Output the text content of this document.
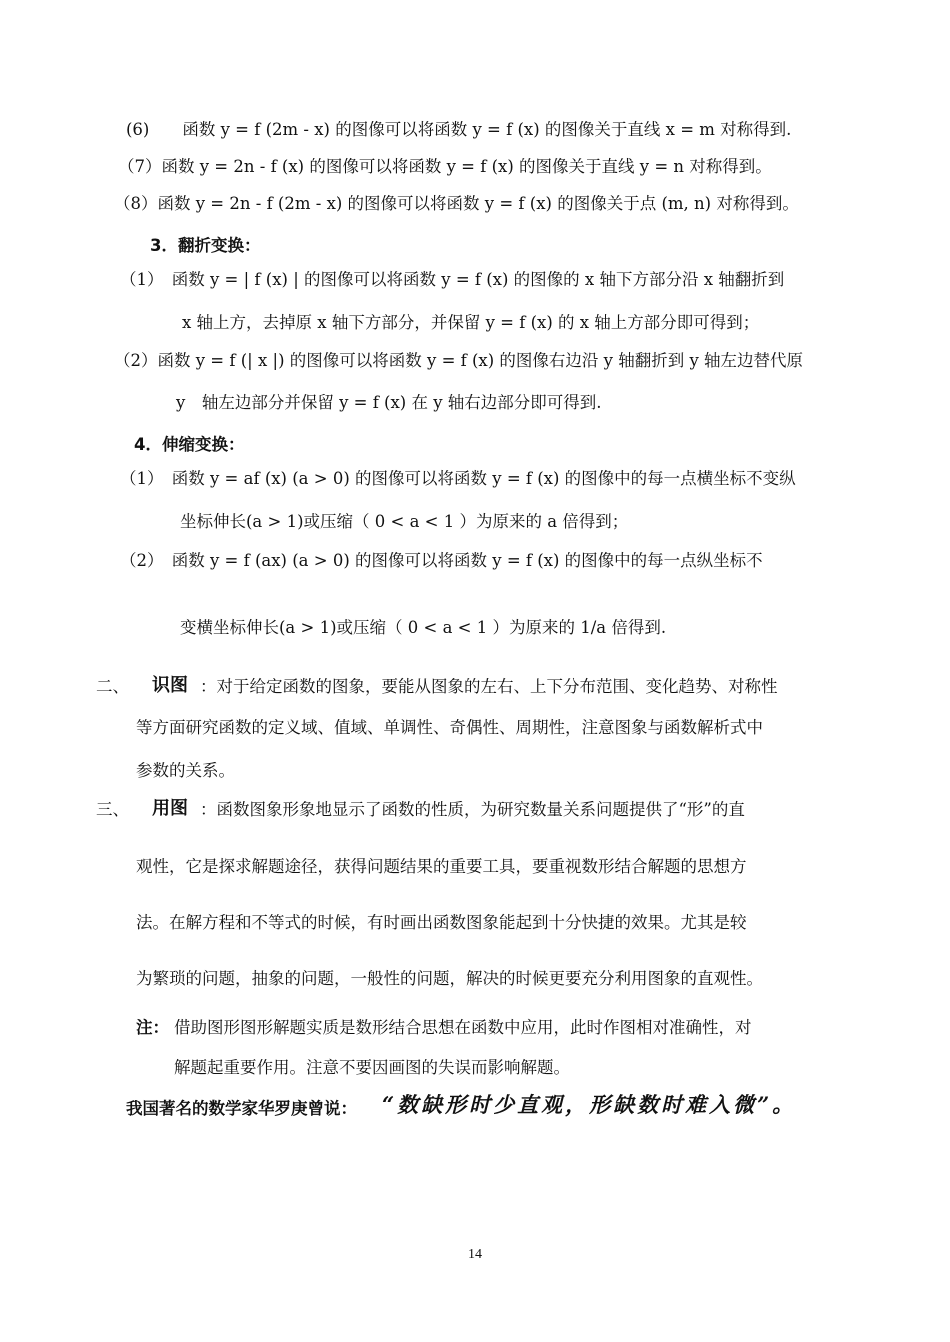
(6)　　函数 y = f (2m - x) 的图像可以将函数 y = f (x) 的图像关于直线 x = m 对称得到.
（7）函数 y = 2n - f (x) 的图像可以将函数 y = f (x) 的图像关于直线 y = n 对称得到。
（8）函数 y = 2n - f (2m - x) 的图像可以将函数 y = f (x) 的图像关于点 (m, n) 对称得到。
3．翻折变换：
（1）　函数 y = | f (x) | 的图像可以将函数 y = f (x) 的图像的 x 轴下方部分沿 x 轴翻折到
x 轴上方，去掉原 x 轴下方部分，并保留 y = f (x) 的 x 轴上方部分即可得到；
（2）函数 y = f (| x |) 的图像可以将函数 y = f (x) 的图像右边沿 y 轴翻折到 y 轴左边替代原
y　轴左边部分并保留 y = f (x) 在 y 轴右边部分即可得到.
4．伸缩变换：
（1）　函数 y = af (x) (a > 0) 的图像可以将函数 y = f (x) 的图像中的每一点横坐标不变纵
坐标伸长(a > 1)或压缩（ 0 < a < 1 ）为原来的 a 倍得到；
（2）　函数 y = f (ax) (a > 0) 的图像可以将函数 y = f (x) 的图像中的每一点纵坐标不
变横坐标伸长(a > 1)或压缩（ 0 < a < 1 ）为原来的 1/a 倍得到.
二、 识图 ：对于给定函数的图象，要能从图象的左右、上下分布范围、变化趋势、对称性
等方面研究函数的定义域、值域、单调性、奇偶性、周期性，注意图象与函数解析式中
参数的关系。
三、 用图 ：函数图象形象地显示了函数的性质，为研究数量关系问题提供了“形”的直
观性，它是探求解题途径，获得问题结果的重要工具，要重视数形结合解题的思想方
法。在解方程和不等式的时候，有时画出函数图象能起到十分快捷的效果。尤其是较
为繁琐的问题，抽象的问题，一般性的问题，解决的时候更要充分利用图象的直观性。
注： 借助图形图形解题实质是数形结合思想在函数中应用，此时作图相对准确性，对
解题起重要作用。注意不要因画图的失误而影响解题。
我国著名的数学家华罗庚曾说： “数缺形时少直观，形缺数时难入微”。
14
